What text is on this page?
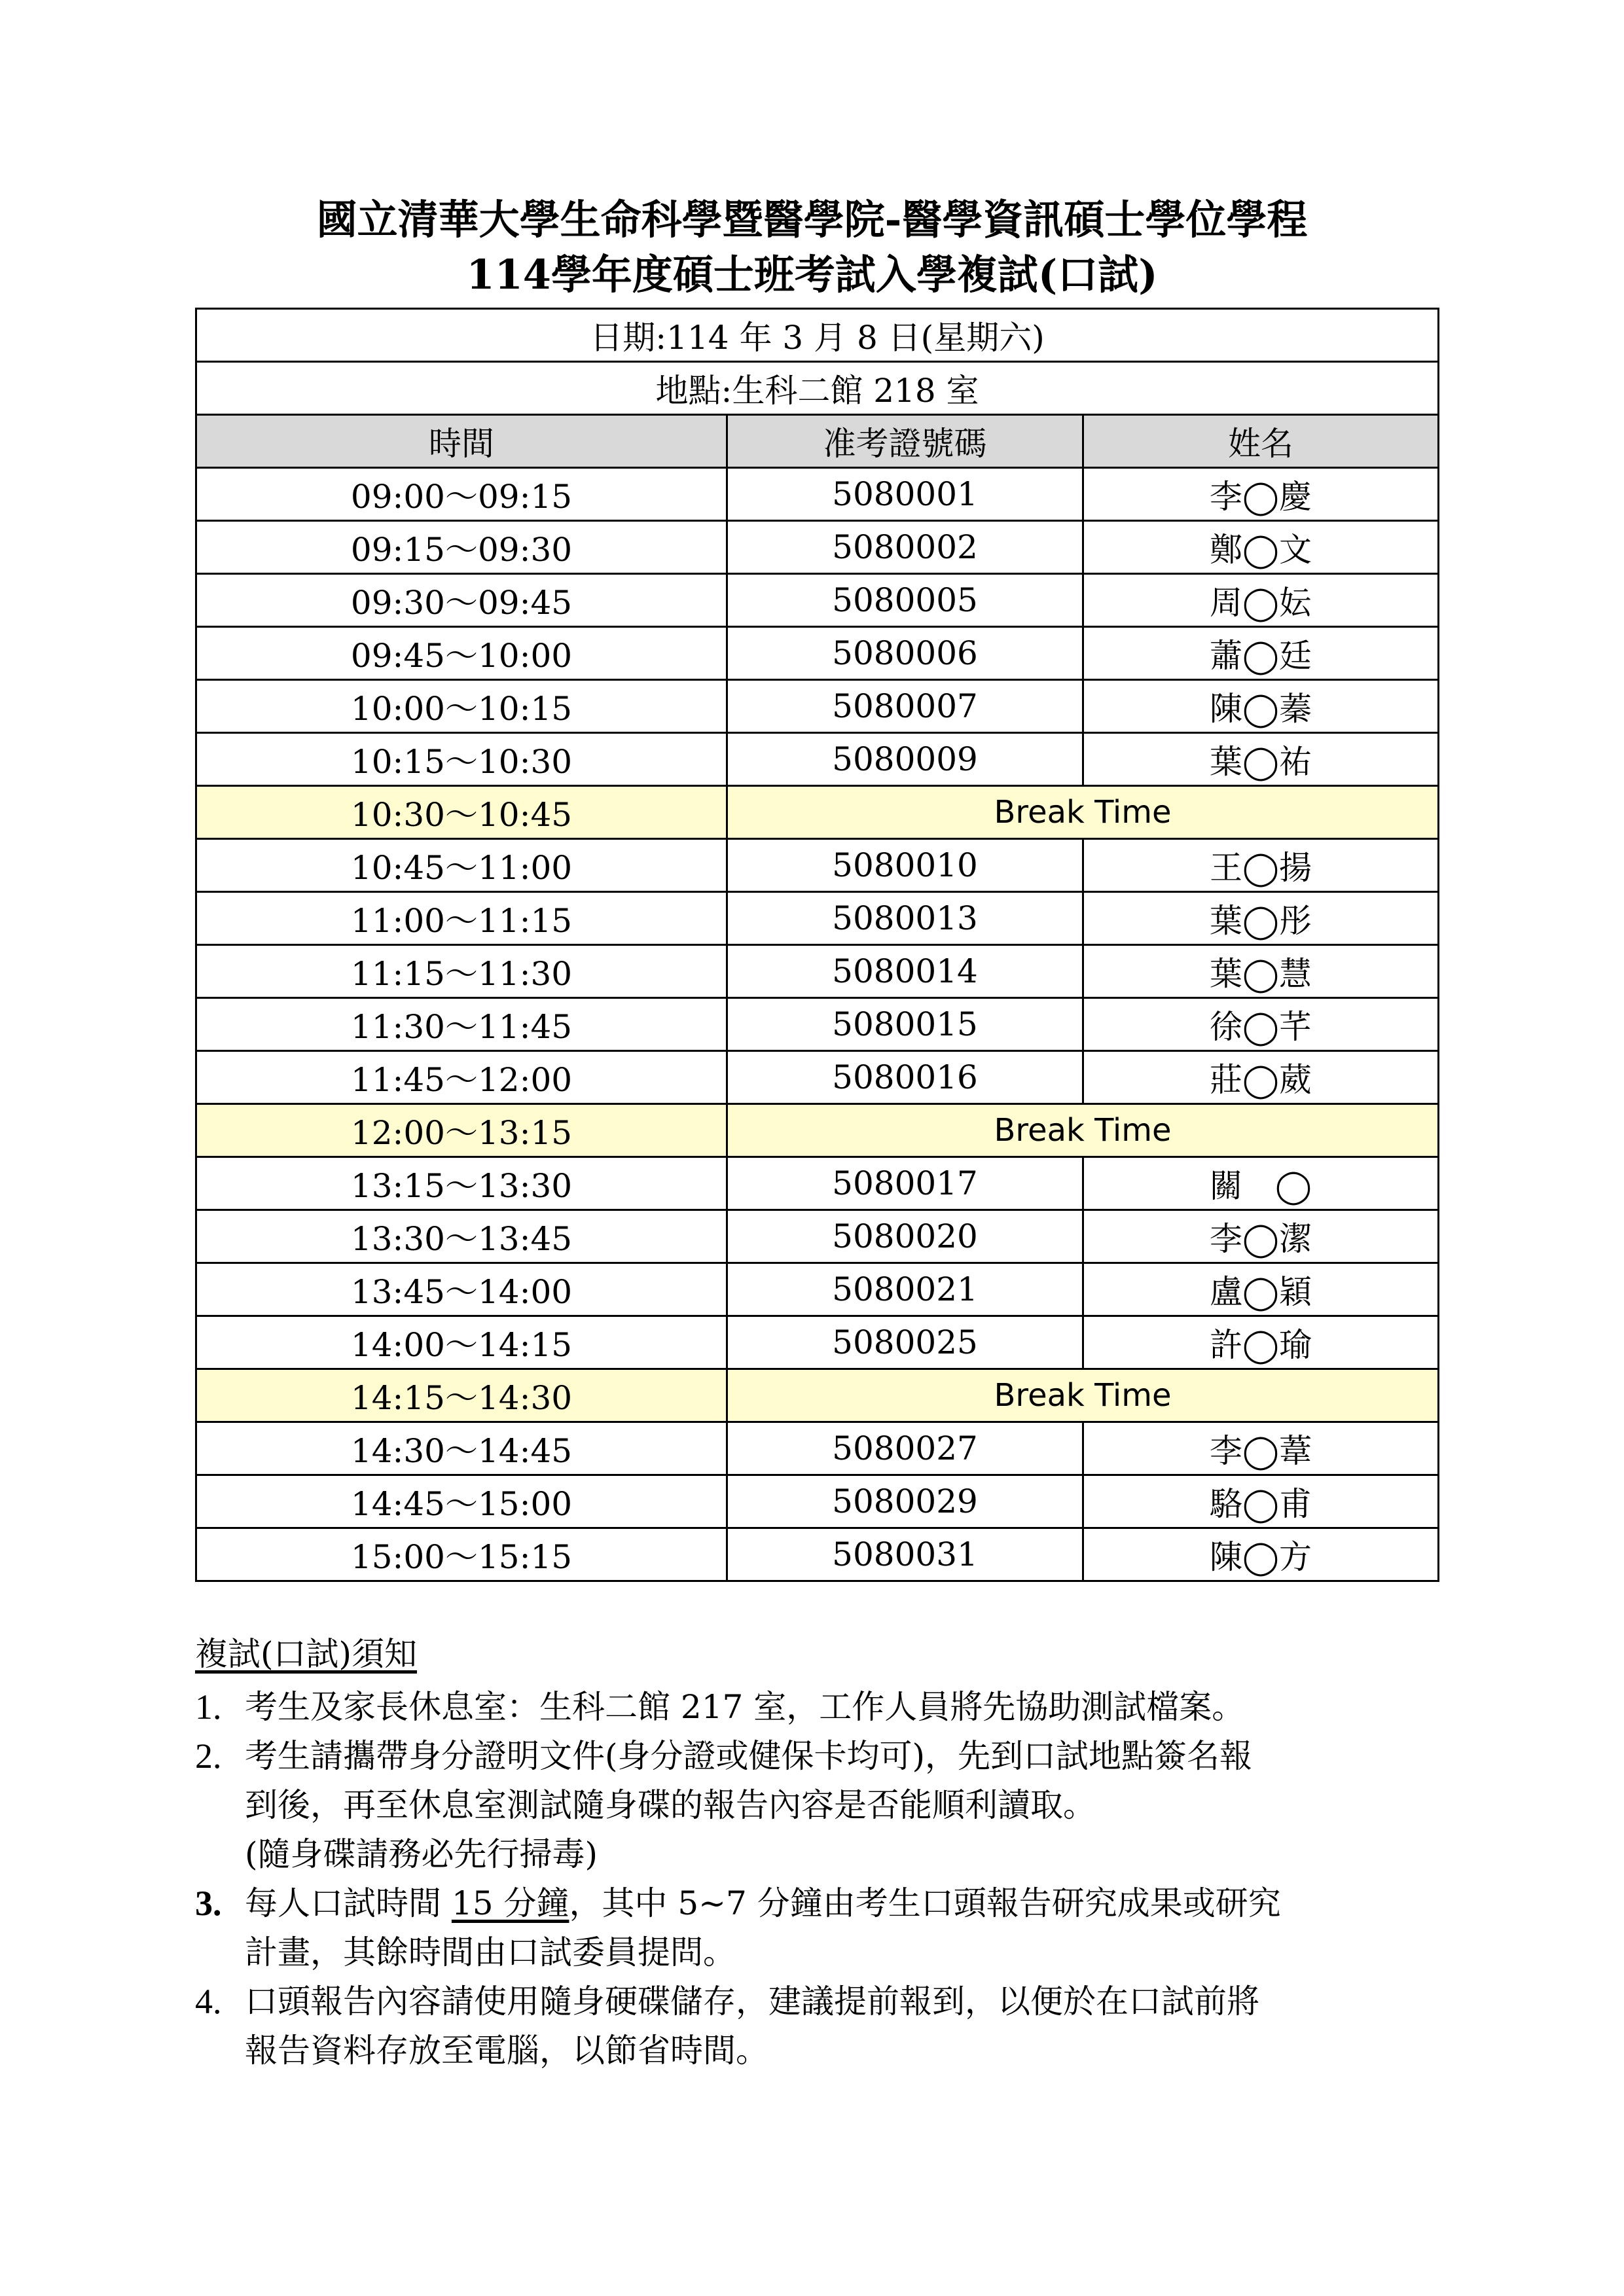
國立清華大學生命科學暨醫學院-醫學資訊碩士學位學程
114學年度碩士班考試入學複試(口試)
日期:114 年 3 月 8 日(星期六)		
地點:生科二館 218 室		
時間	准考證號碼	姓名
09:00～09:15	5080001	李◯慶
09:15～09:30	5080002	鄭◯文
09:30～09:45	5080005	周◯妘
09:45～10:00	5080006	蕭◯廷
10:00～10:15	5080007	陳◯蓁
10:15～10:30	5080009	葉◯祐
10:30～10:45	Break Time	
10:45～11:00	5080010	王◯揚
11:00～11:15	5080013	葉◯彤
11:15～11:30	5080014	葉◯慧
11:30～11:45	5080015	徐◯芊
11:45～12:00	5080016	莊◯葳
12:00～13:15	Break Time	
13:15～13:30	5080017	關　◯
13:30～13:45	5080020	李◯潔
13:45～14:00	5080021	盧◯穎
14:00～14:15	5080025	許◯瑜
14:15～14:30	Break Time	
14:30～14:45	5080027	李◯葦
14:45～15:00	5080029	駱◯甫
15:00～15:15	5080031	陳◯方
複試(口試)須知
1. 考生及家長休息室：生科二館 217 室，工作人員將先協助測試檔案。
2. 考生請攜帶身分證明文件(身分證或健保卡均可)，先到口試地點簽名報
到後，再至休息室測試隨身碟的報告內容是否能順利讀取。
(隨身碟請務必先行掃毒)
3. 每人口試時間 15 分鐘，其中 5~7 分鐘由考生口頭報告研究成果或研究
計畫，其餘時間由口試委員提問。
4. 口頭報告內容請使用隨身硬碟儲存，建議提前報到，以便於在口試前將
報告資料存放至電腦，以節省時間。
